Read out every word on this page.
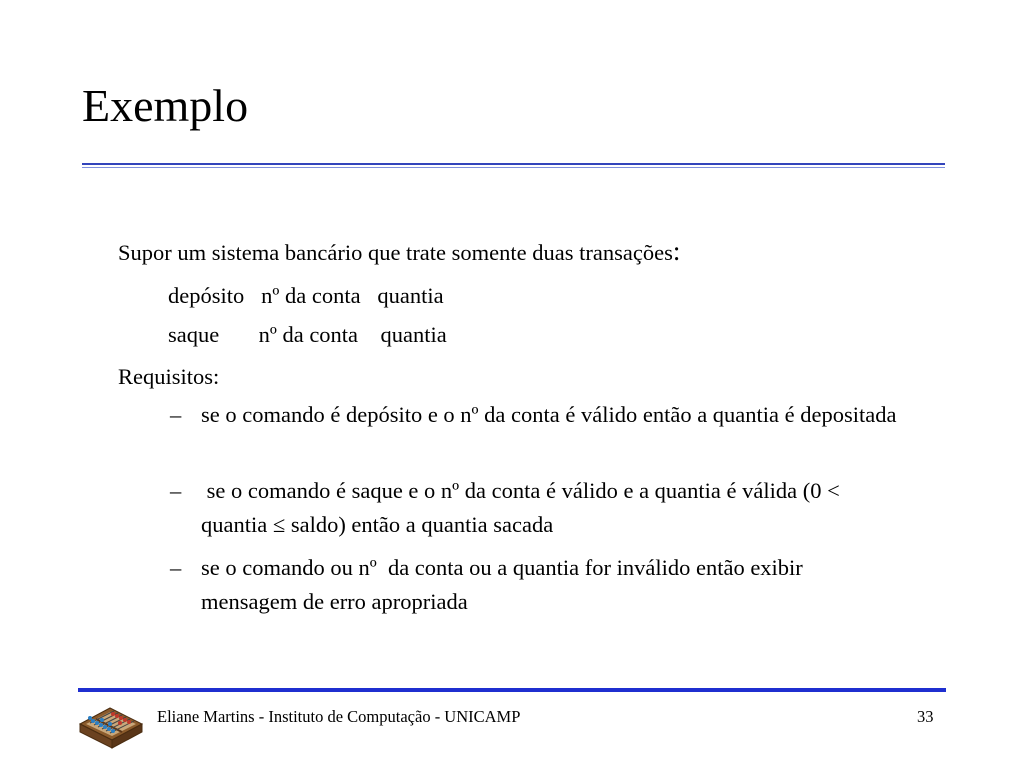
Exemplo
Supor um sistema bancário que trate somente duas transações:
depósito   nº da conta   quantia
saque       nº da conta    quantia
Requisitos:
– se o comando é depósito e o nº da conta é válido então a quantia é depositada
– se o comando é saque e o nº da conta é válido e a quantia é válida (0 < quantia ≤ saldo) então a quantia sacada
– se o comando ou nº  da conta ou a quantia for inválido então exibir mensagem de erro apropriada
Eliane Martins - Instituto de Computação - UNICAMP	33
